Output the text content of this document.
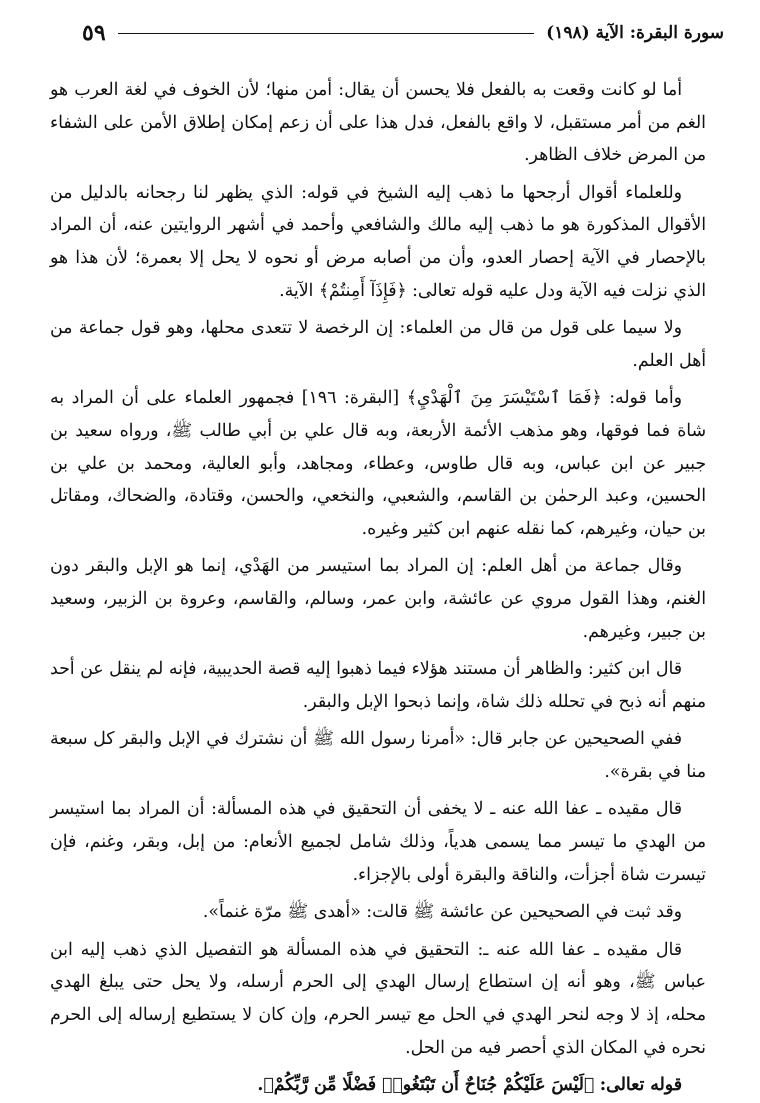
سورة البقرة: الآية (١٩٨)
٥٩

أما لو كانت وقعت به بالفعل فلا يحسن أن يقال: أمن منها؛ لأن الخوف في لغة العرب هو الغم من أمر مستقبل، لا واقع بالفعل، فدل هذا على أن زعم إمكان إطلاق الأمن على الشفاء من المرض خلاف الظاهر.

وللعلماء أقوال أرجحها ما ذهب إليه الشيخ في قوله: الذي يظهر لنا رجحانه بالدليل من الأقوال المذكورة هو ما ذهب إليه مالك والشافعي وأحمد في أشهر الروايتين عنه، أن المراد بالإحصار في الآية إحصار العدو، وأن من أصابه مرض أو نحوه لا يحل إلا بعمرة؛ لأن هذا هو الذي نزلت فيه الآية ودل عليه قوله تعالى: ﴿فَإِذَآ أَمِنتُمْ﴾ الآية.

ولا سيما على قول من قال من العلماء: إن الرخصة لا تتعدى محلها، وهو قول جماعة من أهل العلم.

وأما قوله: ﴿فَمَا ٱسْتَيْسَرَ مِنَ ٱلْهَدْيِ﴾ [البقرة: ١٩٦] فجمهور العلماء على أن المراد به شاة فما فوقها، وهو مذهب الأئمة الأربعة، وبه قال علي بن أبي طالب ﷺ، ورواه سعيد بن جبير عن ابن عباس، وبه قال طاوس، وعطاء، ومجاهد، وأبو العالية، ومحمد بن علي بن الحسين، وعبد الرحمٰن بن القاسم، والشعبي، والنخعي، والحسن، وقتادة، والضحاك، ومقاتل بن حيان، وغيرهم، كما نقله عنهم ابن كثير وغيره.

وقال جماعة من أهل العلم: إن المراد بما استيسر من الهَدْي، إنما هو الإبل والبقر دون الغنم، وهذا القول مروي عن عائشة، وابن عمر، وسالم، والقاسم، وعروة بن الزبير، وسعيد بن جبير، وغيرهم.

قال ابن كثير: والظاهر أن مستند هؤلاء فيما ذهبوا إليه قصة الحديبية، فإنه لم ينقل عن أحد منهم أنه ذبح في تحلله ذلك شاة، وإنما ذبحوا الإبل والبقر.

ففي الصحيحين عن جابر قال: «أمرنا رسول الله ﷺ أن نشترك في الإبل والبقر كل سبعة منا في بقرة».

قال مقيده ـ عفا الله عنه ـ لا يخفى أن التحقيق في هذه المسألة: أن المراد بما استيسر من الهدي ما تيسر مما يسمى هدياً، وذلك شامل لجميع الأنعام: من إبل، وبقر، وغنم، فإن تيسرت شاة أجزأت، والناقة والبقرة أولى بالإجزاء.

وقد ثبت في الصحيحين عن عائشة ﷺ قالت: «أهدى ﷺ مرّة غنماً».

قال مقيده ـ عفا الله عنه ـ: التحقيق في هذه المسألة هو التفصيل الذي ذهب إليه ابن عباس ﷺ، وهو أنه إن استطاع إرسال الهدي إلى الحرم أرسله، ولا يحل حتى يبلغ الهدي محله، إذ لا وجه لنحر الهدي في الحل مع تيسر الحرم، وإن كان لا يستطيع إرساله إلى الحرم نحره في المكان الذي أحصر فيه من الحل.

قوله تعالى: ﴿لَيْسَ عَلَيْكُمْ جُنَاحٌ أَن تَبْتَغُوا۟ فَضْلًا مِّن رَّبِّكُمْ﴾.
